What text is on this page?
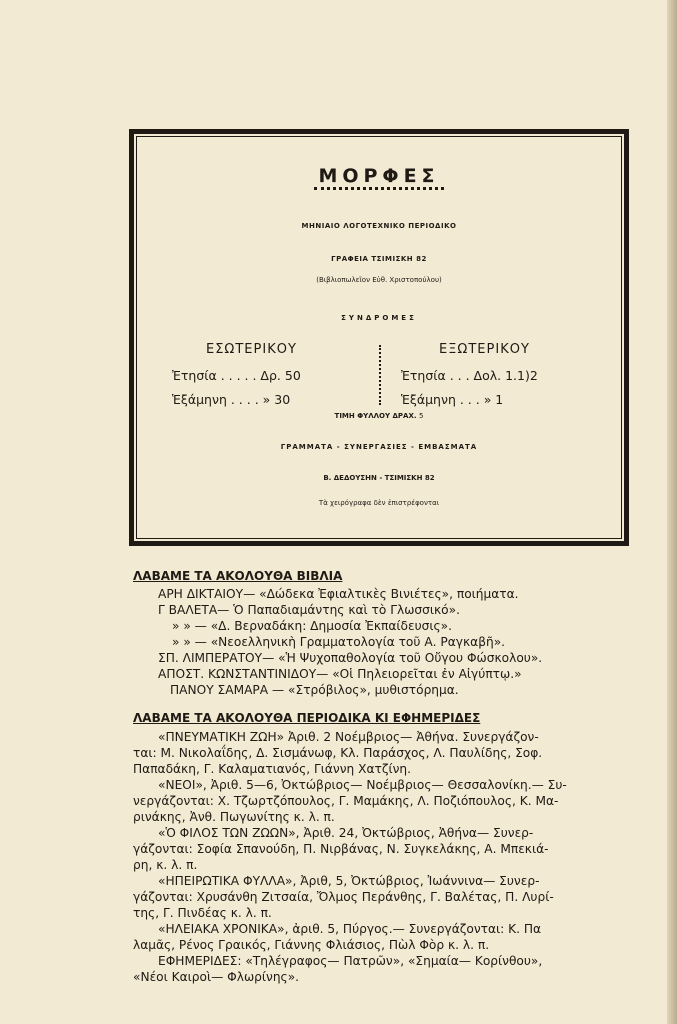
ΜΟΡΦΕΣ
ΜΗΝΙΑΙΟ ΛΟΓΟΤΕΧΝΙΚΟ ΠΕΡΙΟΔΙΚΟ
ΓΡΑΦΕΙΑ ΤΣΙΜΙΣΚΗ 82
(Βιβλιοπωλεῖον Εὐθ. Χριστοπούλου)
ΣΥΝΔΡΟΜΕΣ
ΕΣΩΤΕΡΙΚΟΥ	ΕΞΩΤΕΡΙΚΟΥ
Ἐτησία . . . . . Δρ. 50
Ἑξάμηνη . . . . » 30
Ἐτησία . . . Δολ. 1.1)2
Ἑξάμηνη . . . » 1
ΤΙΜΗ ΦΥΛΛΟΥ ΔΡΑΧ. 5
ΓΡΑΜΜΑΤΑ - ΣΥΝΕΡΓΑΣΙΕΣ - ΕΜΒΑΣΜΑΤΑ
Β. ΔΕΔΟΥΣΗΝ - ΤΣΙΜΙΣΚΗ 82
Τὰ χειρόγραφα δὲν ἐπιστρέφονται
ΛΑΒΑΜΕ ΤΑ ΑΚΟΛΟΥΘΑ ΒΙΒΛΙΑ
ΑΡΗ ΔΙΚΤΑΙΟΥ— «Δώδεκα Ἐφιαλτικὲς Βινιέτες», ποιήματα.
Γ ΒΑΛΕΤΑ— Ὁ Παπαδιαμάντης καὶ τὸ Γλωσσικό».
» » — «Δ. Βερναδάκη: Δημοσία Ἐκπαίδευσις».
» » — «Νεοελληνικὴ Γραμματολογία τοῦ Α. Ραγκαβῆ».
ΣΠ. ΛΙΜΠΕΡΑΤΟΥ— «Ἡ Ψυχοπαθολογία τοῦ Οὔγου Φώσκολου».
ΑΠΟΣΤ. ΚΩΝΣΤΑΝΤΙΝΙΔΟΥ— «Οἱ Πηλειορεῖται ἐν Αἰγύπτῳ.»
ΠΑΝΟΥ ΣΑΜΑΡΑ — «Στρόβιλος», μυθιστόρημα.
ΛΑΒΑΜΕ ΤΑ ΑΚΟΛΟΥΘΑ ΠΕΡΙΟΔΙΚΑ ΚΙ ΕΦΗΜΕΡΙΔΕΣ
«ΠΝΕΥΜΑΤΙΚΗ ΖΩΗ» Ἀριθ. 2 Νοέμβριος— Ἀθήνα. Συνεργάζον-
ται: Μ. Νικολαΐδης, Δ. Σισμάνωφ, Κλ. Παράσχος, Λ. Παυλίδης, Σοφ.
Παπαδάκη, Γ. Καλαματιανός, Γιάννη Χατζίνη.
«ΝΕΟΙ», Ἀριθ. 5—6, Ὀκτώβριος— Νοέμβριος— Θεσσαλονίκη.— Συ-
νεργάζονται: Χ. Τζωρτζόπουλος, Γ. Μαμάκης, Λ. Ποζιόπουλος, Κ. Μα-
ρινάκης, Ἀνθ. Πωγωνίτης κ. λ. π.
«Ὁ ΦΙΛΟΣ ΤΩΝ ΖΩΩΝ», Ἀριθ. 24, Ὀκτώβριος, Ἀθήνα— Συνερ-
γάζονται: Σοφία Σπανούδη, Π. Νιρβάνας, Ν. Συγκελάκης, Α. Μπεκιά-
ρη, κ. λ. π.
«ΗΠΕΙΡΩΤΙΚΑ ΦΥΛΛΑ», Ἀριθ, 5, Ὀκτώβριος, Ἰωάννινα— Συνερ-
γάζονται: Χρυσάνθη Ζιτσαία, Ὄλμος Περάνθης, Γ. Βαλέτας, Π. Λυρί-
της, Γ. Πινδέας κ. λ. π.
«ΗΛΕΙΑΚΑ ΧΡΟΝΙΚΑ», ἀριθ. 5, Πύργος.— Συνεργάζονται: Κ. Πα
λαμᾶς, Ρένος Γραικός, Γιάννης Φλιάσιος, Πὼλ Φὸρ κ. λ. π.
ΕΦΗΜΕΡΙΔΕΣ: «Τηλέγραφος— Πατρῶν», «Σημαία— Κορίνθου»,
«Νέοι Καιροὶ— Φλωρίνης».
